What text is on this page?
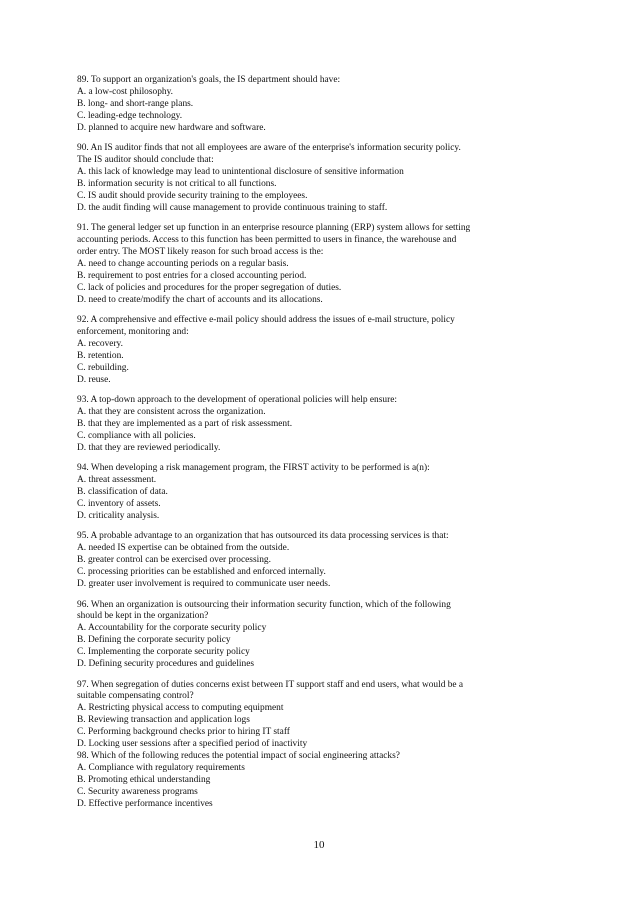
89. To support an organization's goals, the IS department should have:
A. a low-cost philosophy.
B. long- and short-range plans.
C. leading-edge technology.
D. planned to acquire new hardware and software.
90. An IS auditor finds that not all employees are aware of the enterprise's information security policy. The IS auditor should conclude that:
A. this lack of knowledge may lead to unintentional disclosure of sensitive information
B. information security is not critical to all functions.
C. IS audit should provide security training to the employees.
D. the audit finding will cause management to provide continuous training to staff.
91. The general ledger set up function in an enterprise resource planning (ERP) system allows for setting accounting periods. Access to this function has been permitted to users in finance, the warehouse and order entry. The MOST likely reason for such broad access is the:
A. need to change accounting periods on a regular basis.
B. requirement to post entries for a closed accounting period.
C. lack of policies and procedures for the proper segregation of duties.
D. need to create/modify the chart of accounts and its allocations.
92. A comprehensive and effective e-mail policy should address the issues of e-mail structure, policy enforcement, monitoring and:
A. recovery.
B. retention.
C. rebuilding.
D. reuse.
93. A top-down approach to the development of operational policies will help ensure:
A. that they are consistent across the organization.
B. that they are implemented as a part of risk assessment.
C. compliance with all policies.
D. that they are reviewed periodically.
94. When developing a risk management program, the FIRST activity to be performed is a(n):
A. threat assessment.
B. classification of data.
C. inventory of assets.
D. criticality analysis.
95. A probable advantage to an organization that has outsourced its data processing services is that:
A. needed IS expertise can be obtained from the outside.
B. greater control can be exercised over processing.
C. processing priorities can be established and enforced internally.
D. greater user involvement is required to communicate user needs.
96. When an organization is outsourcing their information security function, which of the following should be kept in the organization?
A. Accountability for the corporate security policy
B. Defining the corporate security policy
C. Implementing the corporate security policy
D. Defining security procedures and guidelines
97. When segregation of duties concerns exist between IT support staff and end users, what would be a suitable compensating control?
A. Restricting physical access to computing equipment
B. Reviewing transaction and application logs
C. Performing background checks prior to hiring IT staff
D. Locking user sessions after a specified period of inactivity
98. Which of the following reduces the potential impact of social engineering attacks?
A. Compliance with regulatory requirements
B. Promoting ethical understanding
C. Security awareness programs
D. Effective performance incentives
10
